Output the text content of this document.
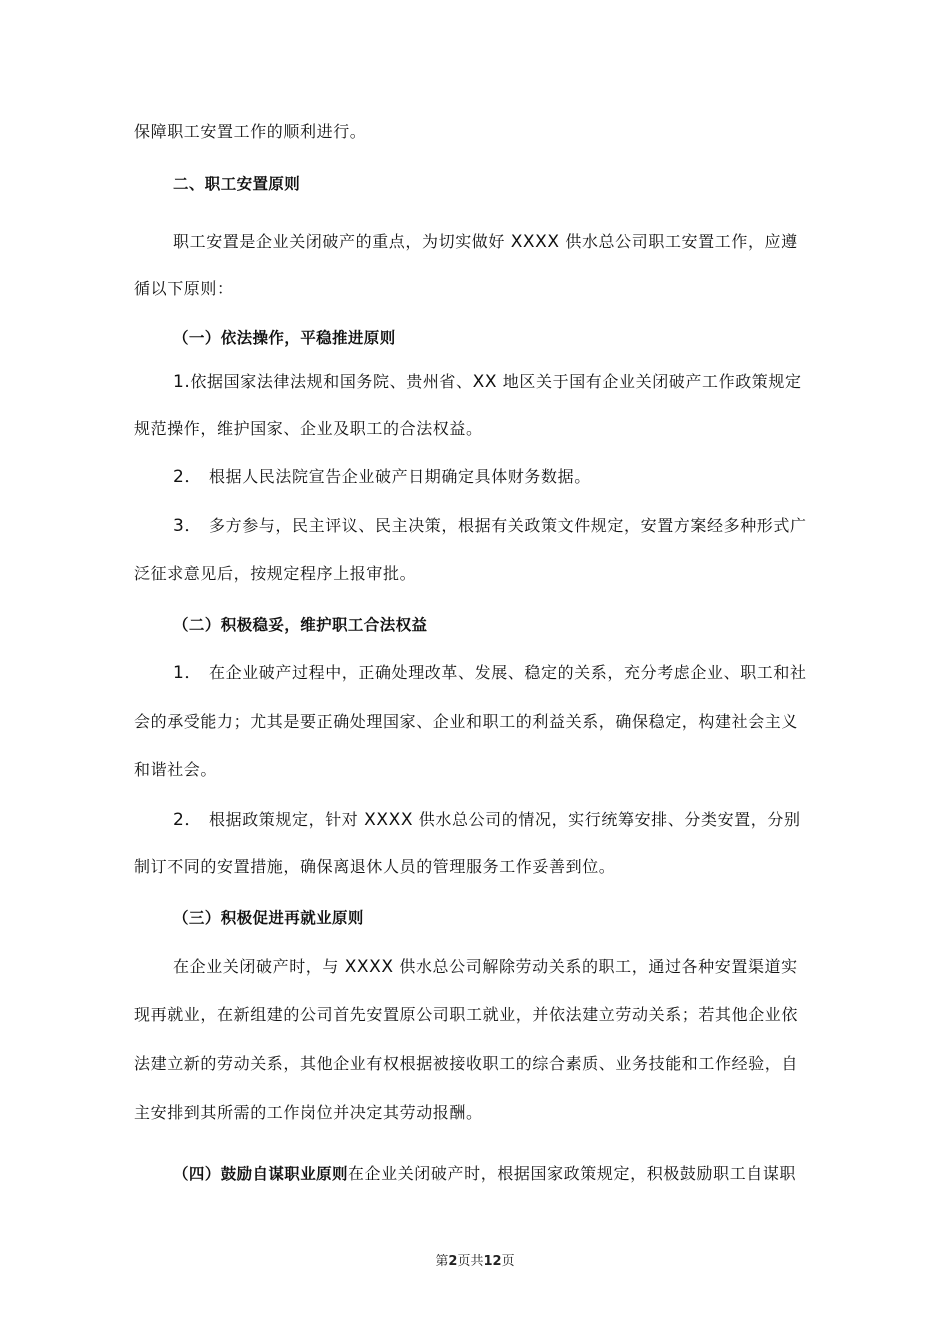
保障职工安置工作的顺利进行。
二、职工安置原则
职工安置是企业关闭破产的重点，为切实做好 XXXX 供水总公司职工安置工作，应遵
循以下原则：
（一）依法操作，平稳推进原则
1.依据国家法律法规和国务院、贵州省、XX 地区关于国有企业关闭破产工作政策规定
规范操作，维护国家、企业及职工的合法权益。
2． 根据人民法院宣告企业破产日期确定具体财务数据。
3． 多方参与，民主评议、民主决策，根据有关政策文件规定，安置方案经多种形式广
泛征求意见后，按规定程序上报审批。
（二）积极稳妥，维护职工合法权益
1． 在企业破产过程中，正确处理改革、发展、稳定的关系，充分考虑企业、职工和社
会的承受能力；尤其是要正确处理国家、企业和职工的利益关系，确保稳定，构建社会主义
和谐社会。
2． 根据政策规定，针对 XXXX 供水总公司的情况，实行统筹安排、分类安置，分别
制订不同的安置措施，确保离退休人员的管理服务工作妥善到位。
（三）积极促进再就业原则
在企业关闭破产时，与 XXXX 供水总公司解除劳动关系的职工，通过各种安置渠道实
现再就业，在新组建的公司首先安置原公司职工就业，并依法建立劳动关系；若其他企业依
法建立新的劳动关系，其他企业有权根据被接收职工的综合素质、业务技能和工作经验，自
主安排到其所需的工作岗位并决定其劳动报酬。
（四）鼓励自谋职业原则在企业关闭破产时，根据国家政策规定，积极鼓励职工自谋职
第2页共12页
